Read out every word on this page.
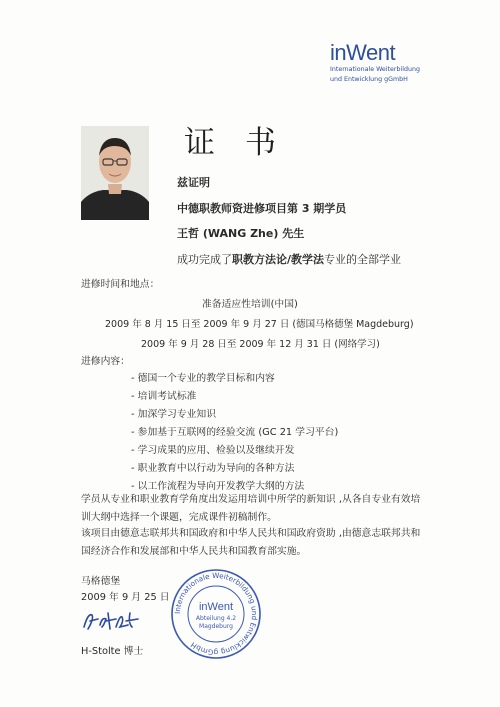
inWent
Internationale Weiterbildung
und Entwicklung gGmbH
证书
兹证明
中德职教师资进修项目第 3 期学员
王哲 (WANG Zhe) 先生
成功完成了职教方法论/教学法专业的全部学业
进修时间和地点：
准备适应性培训(中国)
2009 年 8 月 15 日至 2009 年 9 月 27 日 (德国马格德堡 Magdeburg)
2009 年 9 月 28 日至 2009 年 12 月 31 日 (网络学习)
进修内容：
- 德国一个专业的教学目标和内容
- 培训考试标准
- 加深学习专业知识
- 参加基于互联网的经验交流 (GC 21 学习平台)
- 学习成果的应用、检验以及继续开发
- 职业教育中以行动为导向的各种方法
- 以工作流程为导向开发教学大纲的方法
学员从专业和职业教育学角度出发运用培训中所学的新知识 ,从各自专业有效培
训大纲中选择一个课题，完成课件初稿制作。
该项目由德意志联邦共和国政府和中华人民共和国政府资助 ,由德意志联邦共和
国经济合作和发展部和中华人民共和国教育部实施。
马格德堡
2009 年 9 月 25 日
H-Stolte 博士
Internationale Weiterbildung und Entwicklung gGmbH
inWent
Abteilung 4.2
Magdeburg
